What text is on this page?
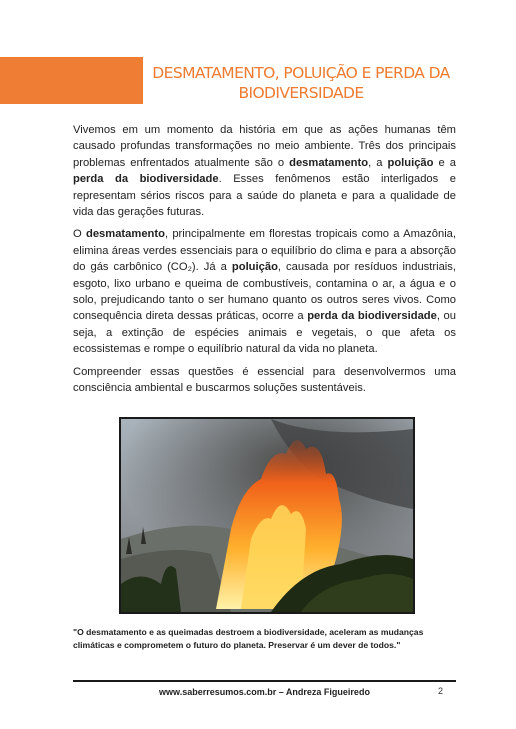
DESMATAMENTO, POLUIÇÃO E PERDA DA
BIODIVERSIDADE

Vivemos em um momento da história em que as ações humanas têm causado profundas transformações no meio ambiente. Três dos principais problemas enfrentados atualmente são o desmatamento, a poluição e a perda da biodiversidade. Esses fenômenos estão interligados e representam sérios riscos para a saúde do planeta e para a qualidade de vida das gerações futuras.

O desmatamento, principalmente em florestas tropicais como a Amazônia, elimina áreas verdes essenciais para o equilíbrio do clima e para a absorção do gás carbônico (CO₂). Já a poluição, causada por resíduos industriais, esgoto, lixo urbano e queima de combustíveis, contamina o ar, a água e o solo, prejudicando tanto o ser humano quanto os outros seres vivos. Como consequência direta dessas práticas, ocorre a perda da biodiversidade, ou seja, a extinção de espécies animais e vegetais, o que afeta os ecossistemas e rompe o equilíbrio natural da vida no planeta.

Compreender essas questões é essencial para desenvolvermos uma consciência ambiental e buscarmos soluções sustentáveis.

"O desmatamento e as queimadas destroem a biodiversidade, aceleram as mudanças climáticas e comprometem o futuro do planeta. Preservar é um dever de todos."
www.saberresumos.com.br – Andreza Figueiredo	2
